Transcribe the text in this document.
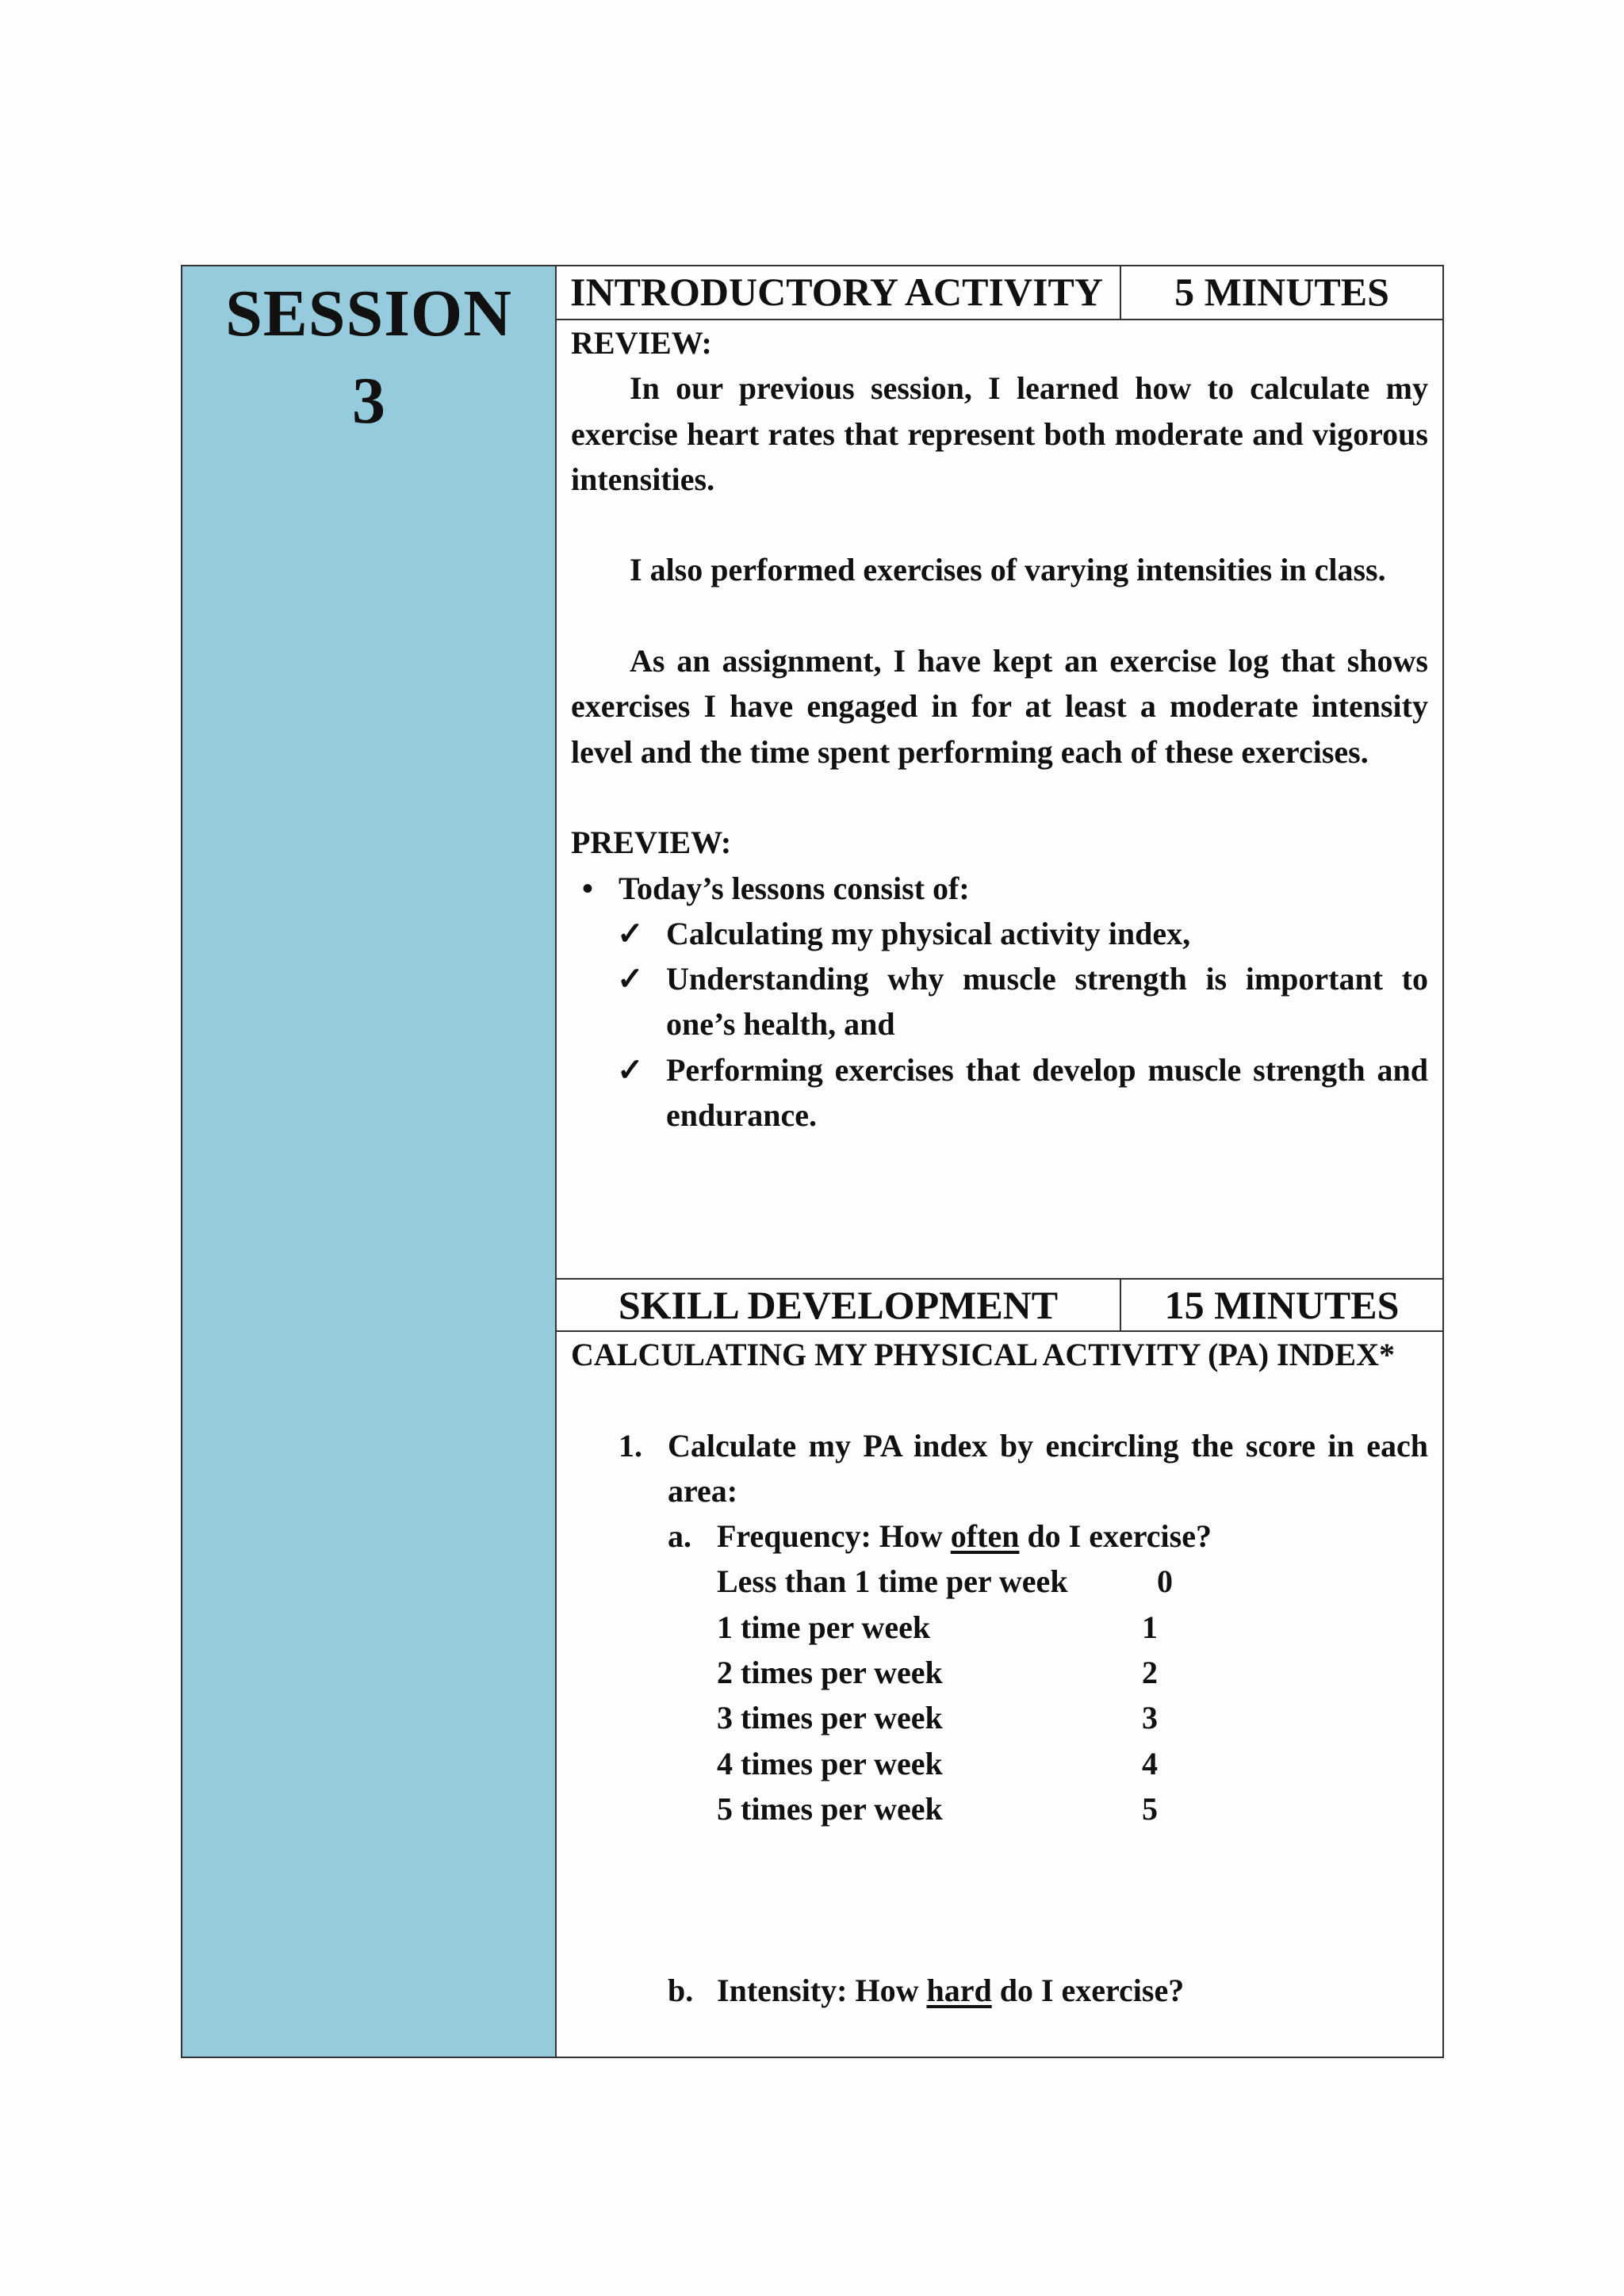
SESSION
3
INTRODUCTORY ACTIVITY	5 MINUTES
REVIEW:
In our previous session, I learned how to calculate my exercise heart rates that represent both moderate and vigorous intensities.
I also performed exercises of varying intensities in class.
As an assignment, I have kept an exercise log that shows exercises I have engaged in for at least a moderate intensity level and the time spent performing each of these exercises.
PREVIEW:
• Today’s lessons consist of:
✓ Calculating my physical activity index,
✓ Understanding why muscle strength is important to one’s health, and
✓ Performing exercises that develop muscle strength and endurance.
SKILL DEVELOPMENT	15 MINUTES
CALCULATING MY PHYSICAL ACTIVITY (PA) INDEX*
1. Calculate my PA index by encircling the score in each area:
a. Frequency: How often do I exercise?
Less than 1 time per week	0
1 time per week	1
2 times per week	2
3 times per week	3
4 times per week	4
5 times per week	5
b. Intensity: How hard do I exercise?
